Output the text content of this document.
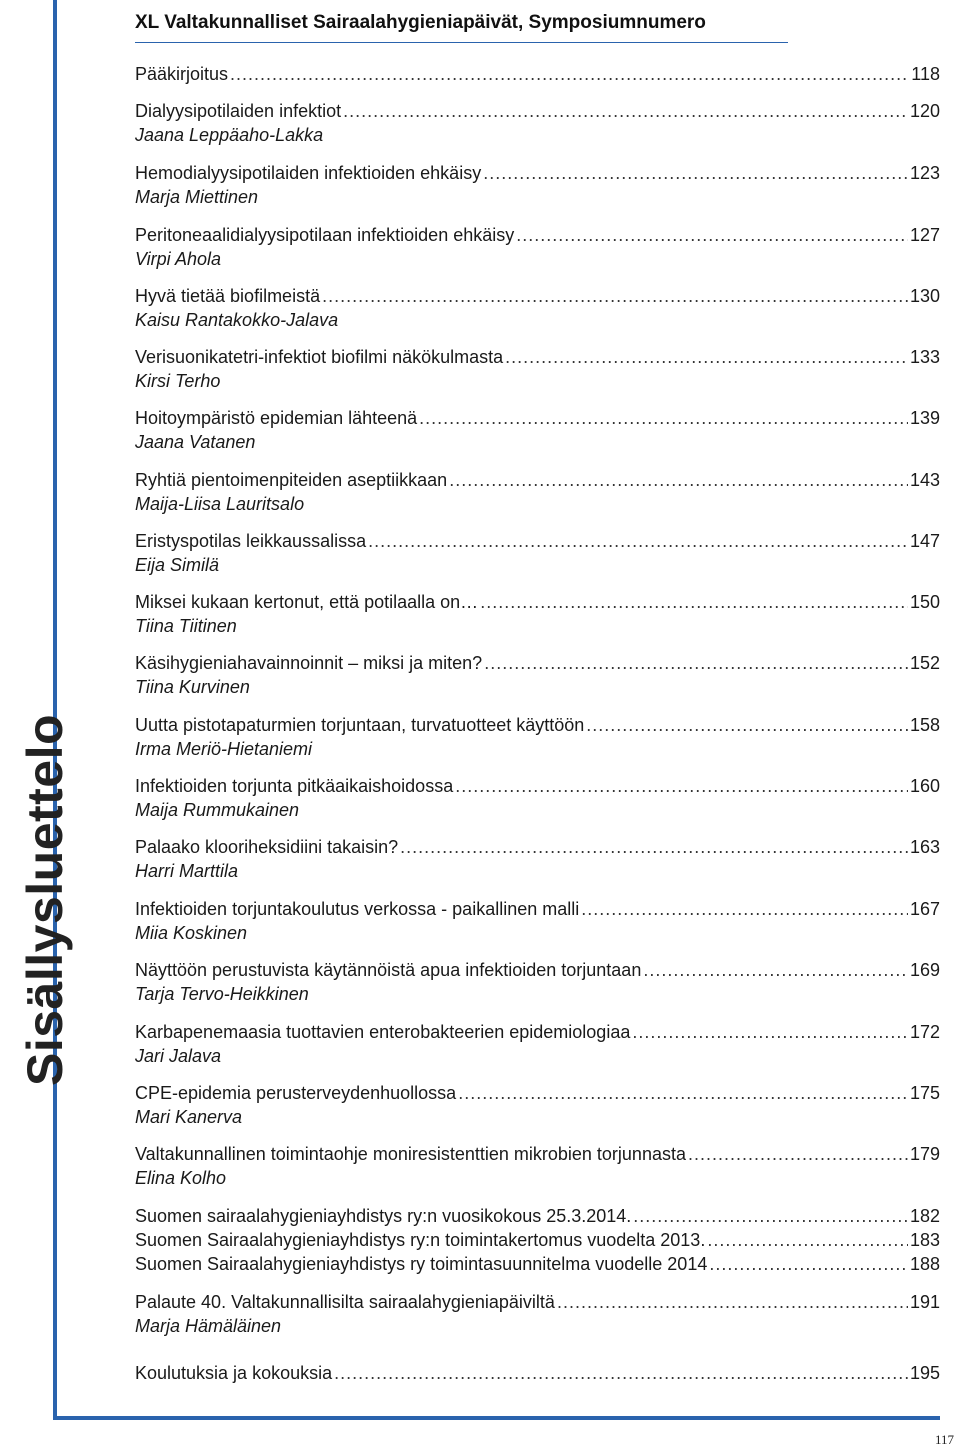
Sisällysluettelo
XL Valtakunnalliset Sairaalahygieniapäivät, Symposiumnumero
Pääkirjoitus .....	118
Dialyysipotilaiden infektiot .....	120
Jaana Leppäaho-Lakka
Hemodialyysipotilaiden infektioiden ehkäisy .....	123
Marja Miettinen
Peritoneaalidialyysipotilaan infektioiden ehkäisy .....	127
Virpi Ahola
Hyvä tietää biofilmeistä .....	130
Kaisu Rantakokko-Jalava
Verisuonikatetri-infektiot biofilmi näkökulmasta .....	133
Kirsi Terho
Hoitoympäristö epidemian lähteenä .....	139
Jaana Vatanen
Ryhtiä pientoimenpiteiden aseptiikkaan .....	143
Maija-Liisa Lauritsalo
Eristyspotilas leikkaussalissa .....	147
Eija Similä
Miksei kukaan kertonut, että potilaalla on… .....	150
Tiina Tiitinen
Käsihygieniahavainnoinnit – miksi ja miten? .....	152
Tiina Kurvinen
Uutta pistotapaturmien torjuntaan, turvatuotteet käyttöön .....	158
Irma Meriö-Hietaniemi
Infektioiden torjunta pitkäaikaishoidossa .....	160
Maija Rummukainen
Palaako klooriheksidiini takaisin? .....	163
Harri Marttila
Infektioiden torjuntakoulutus verkossa - paikallinen malli .....	167
Miia Koskinen
Näyttöön perustuvista käytännöistä apua infektioiden torjuntaan .....	169
Tarja Tervo-Heikkinen
Karbapenemaasia tuottavien enterobakteerien epidemiologiaa .....	172
Jari Jalava
CPE-epidemia perusterveydenhuollossa .....	175
Mari Kanerva
Valtakunnallinen toimintaohje moniresistenttien mikrobien torjunnasta .....	179
Elina Kolho
Suomen sairaalahygieniayhdistys ry:n vuosikokous 25.3.2014. .....	182
Suomen Sairaalahygieniayhdistys ry:n toimintakertomus vuodelta 2013. .....	183
Suomen Sairaalahygieniayhdistys ry toimintasuunnitelma vuodelle 2014 .....	188
Palaute 40. Valtakunnallisilta sairaalahygieniapäiviltä .....	191
Marja Hämäläinen
Koulutuksia ja kokouksia .....	195
117
